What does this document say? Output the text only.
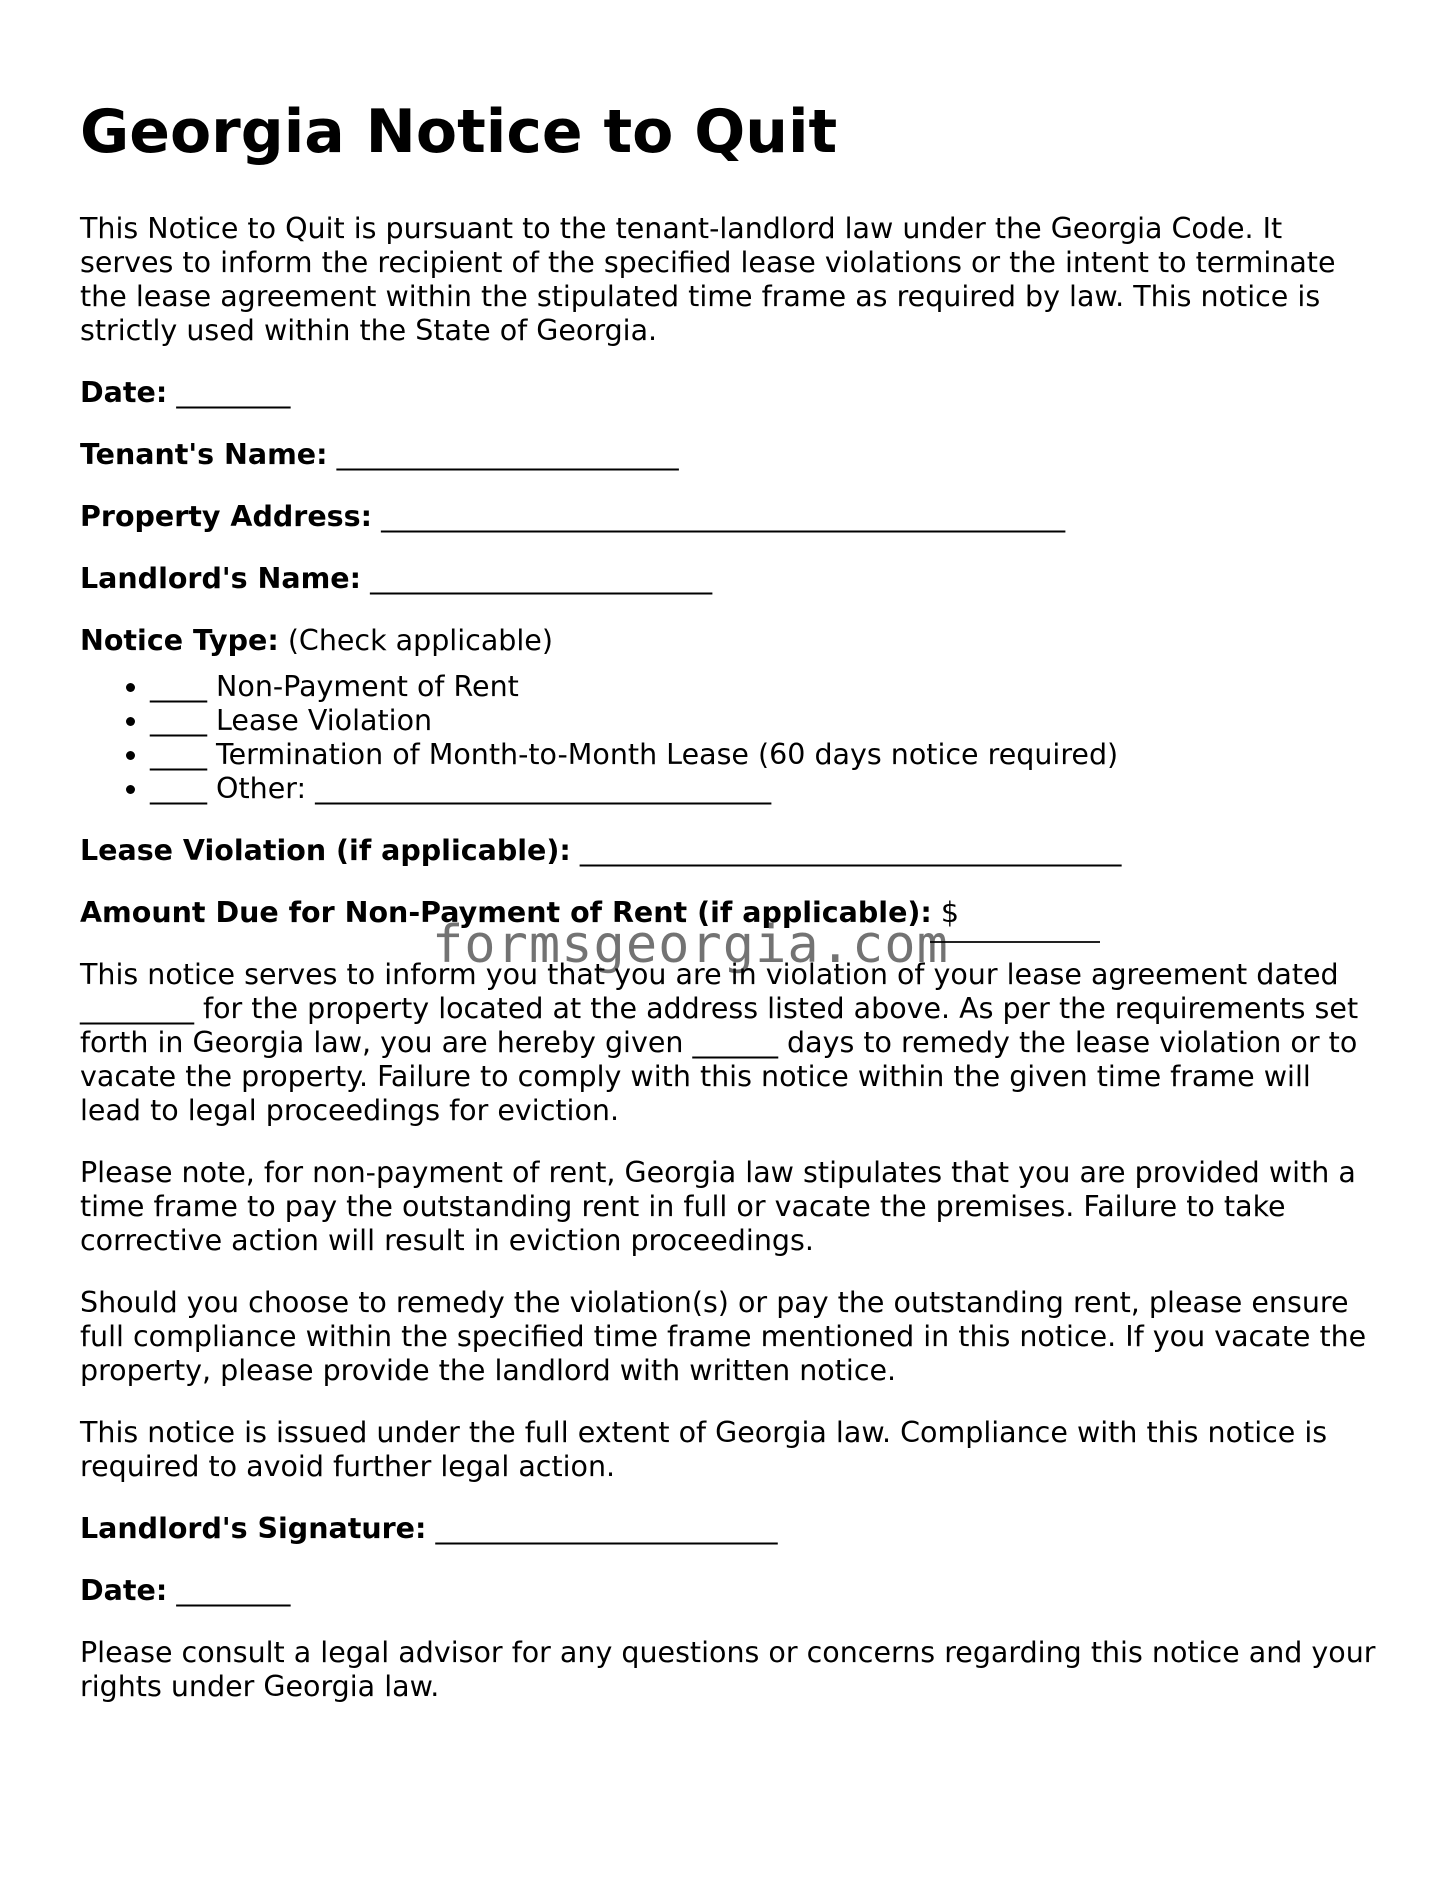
Georgia Notice to Quit

This Notice to Quit is pursuant to the tenant-landlord law under the Georgia Code. It serves to inform the recipient of the specified lease violations or the intent to terminate the lease agreement within the stipulated time frame as required by law. This notice is strictly used within the State of Georgia.

Date: ________
Tenant's Name: ________________________
Property Address: ________________________________________________
Landlord's Name: ________________________
Notice Type: (Check applicable)
• ____ Non-Payment of Rent
• ____ Lease Violation
• ____ Termination of Month-to-Month Lease (60 days notice required)
• ____ Other: ________________________________
Lease Violation (if applicable): ______________________________________
Amount Due for Non-Payment of Rent (if applicable): $

This notice serves to inform you that you are in violation of your lease agreement dated ________ for the property located at the address listed above. As per the requirements set forth in Georgia law, you are hereby given ______ days to remedy the lease violation or to vacate the property. Failure to comply with this notice within the given time frame will lead to legal proceedings for eviction.

Please note, for non-payment of rent, Georgia law stipulates that you are provided with a time frame to pay the outstanding rent in full or vacate the premises. Failure to take corrective action will result in eviction proceedings.

Should you choose to remedy the violation(s) or pay the outstanding rent, please ensure full compliance within the specified time frame mentioned in this notice. If you vacate the property, please provide the landlord with written notice.

This notice is issued under the full extent of Georgia law. Compliance with this notice is required to avoid further legal action.

Landlord's Signature: ________________________
Date: ________

Please consult a legal advisor for any questions or concerns regarding this notice and your rights under Georgia law.

formsgeorgia.com
